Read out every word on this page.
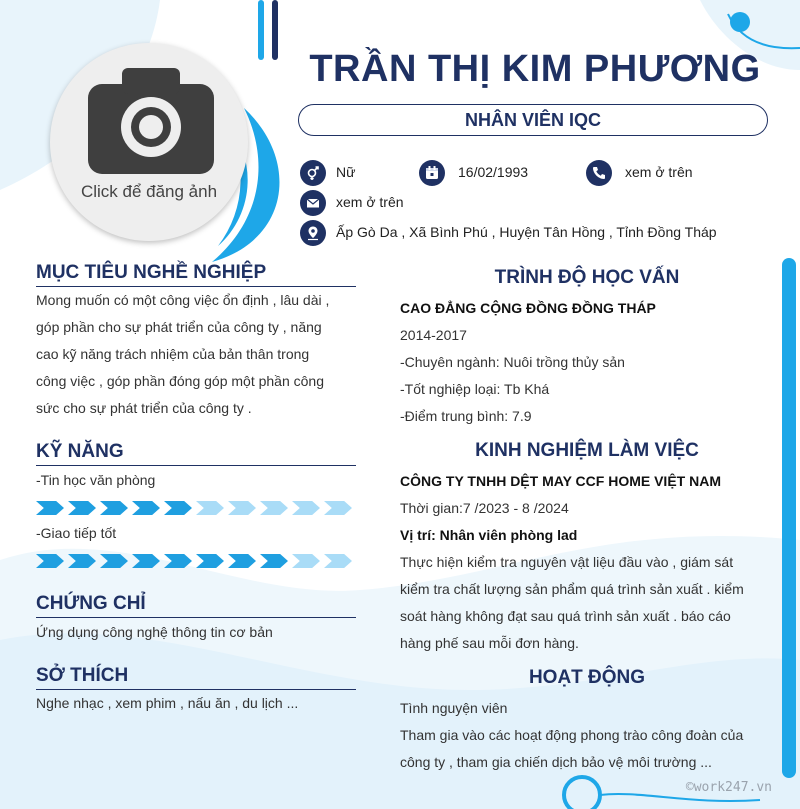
Click để đăng ảnh
TRẦN THỊ KIM PHƯƠNG
NHÂN VIÊN IQC
Nữ	16/02/1993	xem ở trên
xem ở trên
Ấp Gò Da , Xã Bình Phú , Huyện Tân Hồng , Tỉnh Đồng Tháp
MỤC TIÊU NGHỀ NGHIỆP
Mong muốn có một công việc ổn định , lâu dài ,
góp phần cho sự phát triển của công ty , năng
cao kỹ năng trách nhiệm của bản thân trong
công việc , góp phần đóng góp một phần công
sức cho sự phát triển của công ty .
KỸ NĂNG
-Tin học văn phòng
-Giao tiếp tốt
CHỨNG CHỈ
Ứng dụng công nghệ thông tin cơ bản
SỞ THÍCH
Nghe nhạc , xem phim , nấu ăn , du lịch ...
TRÌNH ĐỘ HỌC VẤN
CAO ĐẲNG CỘNG ĐỒNG ĐỒNG THÁP
2014-2017
-Chuyên ngành: Nuôi trồng thủy sản
-Tốt nghiệp loại: Tb Khá
-Điểm trung bình: 7.9
KINH NGHIỆM LÀM VIỆC
CÔNG TY TNHH DỆT MAY CCF HOME VIỆT NAM
Thời gian:7 /2023 - 8 /2024
Vị trí: Nhân viên phòng lad
Thực hiện kiểm tra nguyên vật liệu đầu vào , giám sát
kiểm tra chất lượng sản phẩm quá trình sản xuất . kiểm
soát hàng không đạt sau quá trình sản xuất . báo cáo
hàng phế sau mỗi đơn hàng.
HOẠT ĐỘNG
Tình nguyện viên
Tham gia vào các hoạt động phong trào công đoàn của
công ty , tham gia chiến dịch bảo vệ môi trường ...
©work247.vn
